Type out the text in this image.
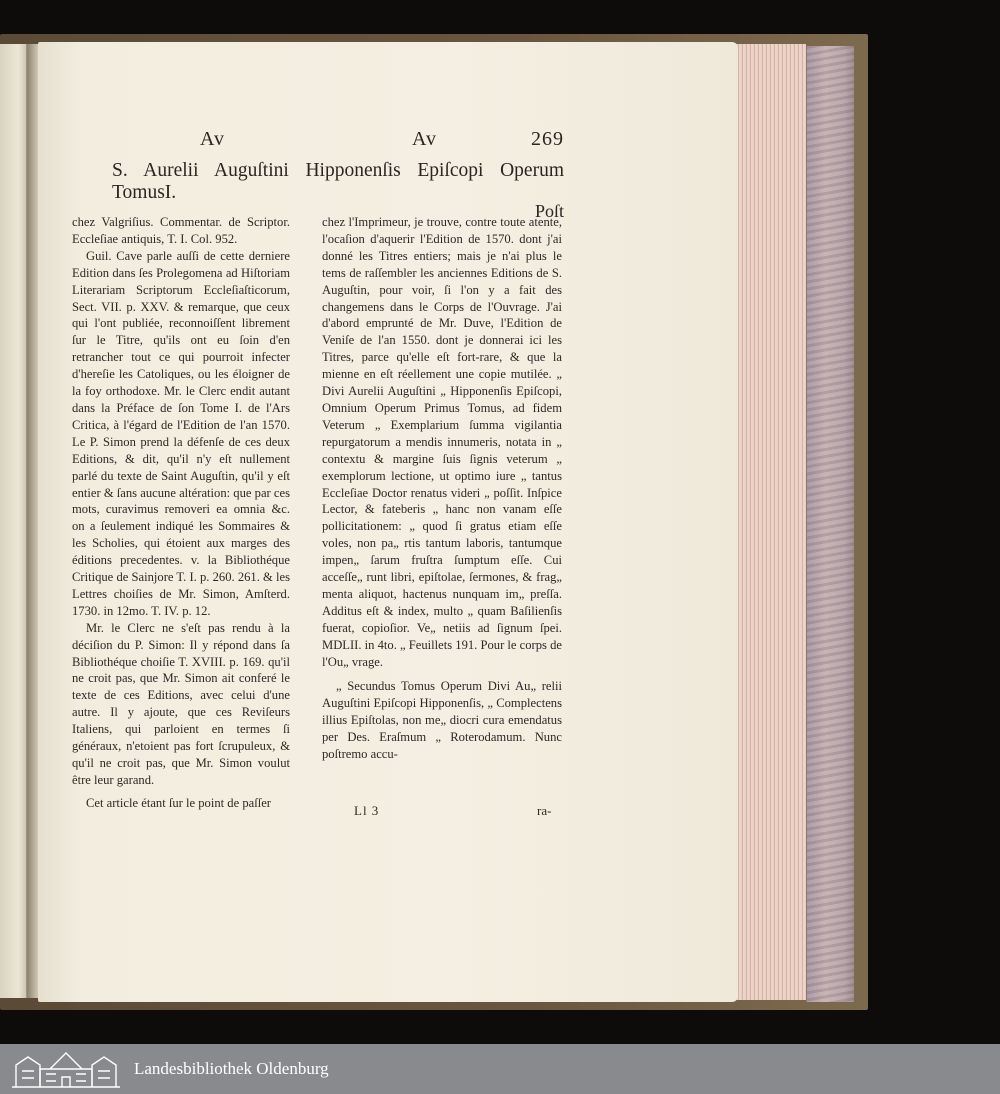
Av	Av	269
S. Aurelii Auguſtini Hipponenſis Epiſcopi Operum TomusI.
Poſt

chez Valgriſius. Commentar. de Scriptor. Eccleſiae antiquis, T. I. Col. 952.

Guil. Cave parle auſſi de cette derniere Edition dans ſes Prolegomena ad Hiſtoriam Literariam Scriptorum Eccleſiaſticorum, Sect. VII. p. XXV. & remarque, que ceux qui l'ont publiée, reconnoiſſent librement ſur le Titre, qu'ils ont eu ſoin d'en retrancher tout ce qui pourroit infecter d'hereſie les Catoliques, ou les éloigner de la foy orthodoxe. Mr. le Clerc endit autant dans la Préface de ſon Tome I. de l'Ars Critica, à l'égard de l'Edition de l'an 1570. Le P. Simon prend la défenſe de ces deux Editions, & dit, qu'il n'y eſt nullement parlé du texte de Saint Auguſtin, qu'il y eſt entier & ſans aucune altération: que par ces mots, curavimus removeri ea omnia &c. on a ſeulement indiqué les Sommaires & les Scholies, qui étoient aux marges des éditions precedentes. v. la Bibliothéque Critique de Sainjore T. I. p. 260. 261. & les Lettres choiſies de Mr. Simon, Amſterd. 1730. in 12mo. T. IV. p. 12.

Mr. le Clerc ne s'eſt pas rendu à la déciſion du P. Simon: Il y répond dans ſa Bibliothéque choiſie T. XVIII. p. 169. qu'il ne croit pas, que Mr. Simon ait conferé le texte de ces Editions, avec celui d'une autre. Il y ajoute, que ces Reviſeurs Italiens, qui parloient en termes ſi généraux, n'etoient pas fort ſcrupuleux, & qu'il ne croit pas, que Mr. Simon voulut être leur garand.

Cet article étant ſur le point de paſſer

chez l'Imprimeur, je trouve, contre toute atente, l'ocaſion d'aquerir l'Edition de 1570. dont j'ai donné les Titres entiers; mais je n'ai plus le tems de raſſembler les anciennes Editions de S. Auguſtin, pour voir, ſi l'on y a fait des changemens dans le Corps de l'Ouvrage. J'ai d'abord emprunté de Mr. Duve, l'Edition de Veniſe de l'an 1550. dont je donnerai ici les Titres, parce qu'elle eſt fort-rare, & que la mienne en eſt réellement une copie mutilée. „ Divi Aurelii Auguſtini „ Hipponenſis Epiſcopi, Omnium Operum Primus Tomus, ad fidem Veterum „ Exemplarium ſumma vigilantia repurgatorum a mendis innumeris, notata in „ contextu & margine ſuis ſignis veterum „ exemplorum lectione, ut optimo iure „ tantus Eccleſiae Doctor renatus videri „ poſſit. Inſpice Lector, & fateberis „ hanc non vanam eſſe pollicitationem: „ quod ſi gratus etiam eſſe voles, non pa„ rtis tantum laboris, tantumque impen„ ſarum fruſtra ſumptum eſſe. Cui acceſſe„ runt libri, epiſtolae, ſermones, & frag„ menta aliquot, hactenus nunquam im„ preſſa. Additus eſt & index, multo „ quam Baſilienſis fuerat, copioſior. Ve„ netiis ad ſignum ſpei. MDLII. in 4to. „ Feuillets 191. Pour le corps de l'Ou„ vrage.

„ Secundus Tomus Operum Divi Au„ relii Auguſtini Epiſcopi Hipponenſis, „ Complectens illius Epiſtolas, non me„ diocri cura emendatus per Des. Eraſmum „ Roterodamum. Nunc poſtremo accu-

Ll 3	ra-
Landesbibliothek Oldenburg
